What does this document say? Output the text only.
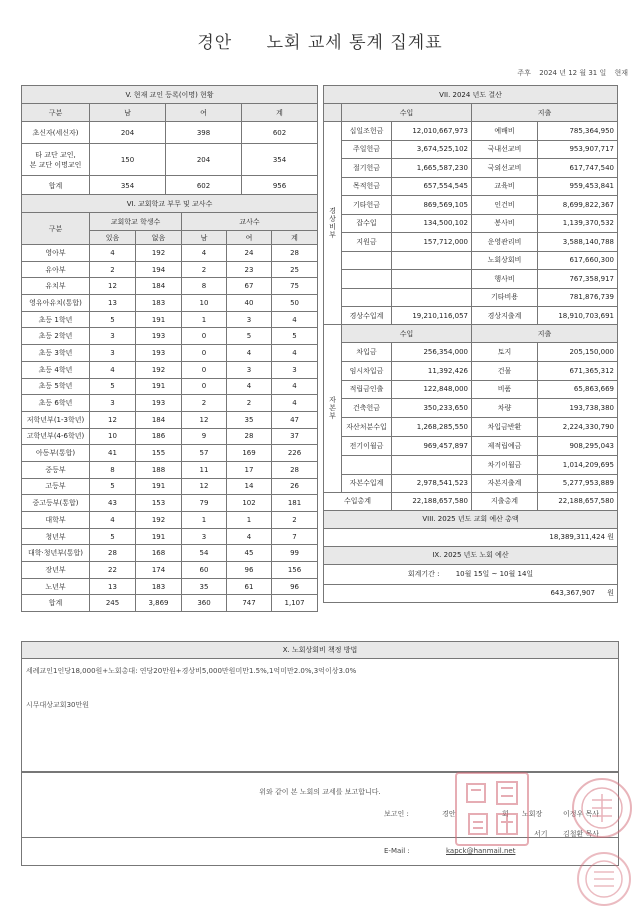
경안 노회 교세 통계 집계표
주후 2024 년 12 월 31 일 현재
V. 현재 교인 등록(이명) 현황			
구분	남	여	계
초신자(세신자)	204	398	602
타 교단 교인,
본 교단 이명교인	150	204	354
합계	354	602	956
VI. 교회학교 부무 및 교사수					
구분	교회학교 학생수		교사수		
	있음	없음	남	여	계
영아부	4	192	4	24	28
유아부	2	194	2	23	25
유치부	12	184	8	67	75
영유아유치(통합)	13	183	10	40	50
초등 1학년	5	191	1	3	4
초등 2학년	3	193	0	5	5
초등 3학년	3	193	0	4	4
초등 4학년	4	192	0	3	3
초등 5학년	5	191	0	4	4
초등 6학년	3	193	2	2	4
저학년부(1-3학년)	12	184	12	35	47
고학년부(4-6학년)	10	186	9	28	37
아동부(통합)	41	155	57	169	226
중등부	8	188	11	17	28
고등부	5	191	12	14	26
중고등부(통합)	43	153	79	102	181
대학부	4	192	1	1	2
청년부	5	191	3	4	7
대학·청년부(통합)	28	168	54	45	99
장년부	22	174	60	96	156
노년부	13	183	35	61	96
합계	245	3,869	360	747	1,107
VII. 2024 년도 결산				
	수입		지출	
경상비부	십일조헌금	12,010,667,973	예배비	785,364,950
	주일헌금	3,674,525,102	국내선교비	953,907,717
	절기헌금	1,665,587,230	국외선교비	617,747,540
	목적헌금	657,554,545	교육비	959,453,841
	기타헌금	869,569,105	인건비	8,699,822,367
	잡수입	134,500,102	봉사비	1,139,370,532
	지원금	157,712,000	운영관리비	3,588,140,788
			노회상회비	617,660,300
			행사비	767,358,917
			기타비용	781,876,739
	경상수입계	19,210,116,057	경상지출계	18,910,703,691
자본부	수입		지출	
	차입금	256,354,000	토지	205,150,000
	임시차입금	11,392,426	건물	671,365,312
	적립금인출	122,848,000	비품	65,863,669
	건축헌금	350,233,650	차량	193,738,380
	자산처분수입	1,268,285,550	차입금반환	2,224,330,790
	전기이월금	969,457,897	제적립예금	908,295,043
			차기이월금	1,014,209,695
	자본수입계	2,978,541,523	자본지출계	5,277,953,889
수입총계		22,188,657,580	지출총계	22,188,657,580
VIII. 2025 년도 교회 예산 총액				
18,389,311,424 원				
IX. 2025 년도 노회 예산				
회계기간 : 10월 15일 ~ 10월 14일				
643,367,907 원				
X. 노회상회비 책정 방법
세례교인1인당18,000원+노회총대: 연당20만원+경상비5,000만원미만1.5%,1억미만2.0%,3억이상3.0%
시무대상교회30만원
위와 같이 본 노회의 교세를 보고합니다.
보고인 :	경안	회 노회장	이정우 목사
서기 김철환 목사
E-Mail :	kapck@hanmail.net
